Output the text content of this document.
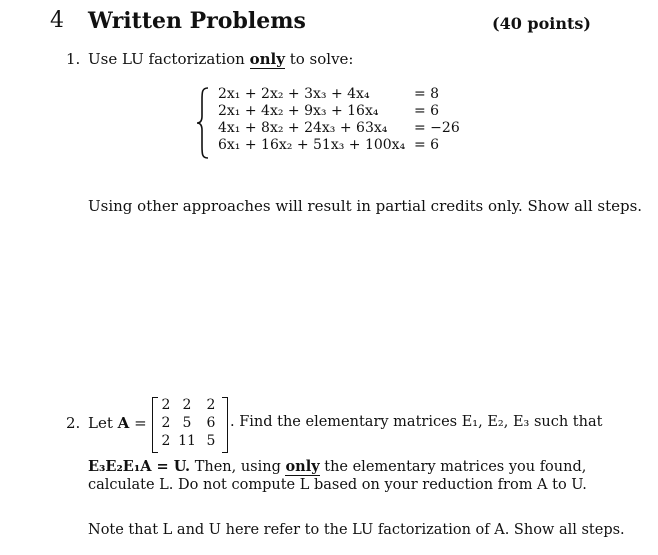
4 Written Problems	(40 points)
1. Use LU factorization only to solve:
2x₁ + 2x₂ + 3x₃ + 4x₄	= 8
2x₁ + 4x₂ + 9x₃ + 16x₄	= 6
4x₁ + 8x₂ + 24x₃ + 63x₄ = −26
6x₁ + 16x₂ + 51x₃ + 100x₄ = 6
Using other approaches will result in partial credits only. Show all steps.
2. Let A =
2 2	2
2 5	6
2 11 5
. Find the elementary matrices E₁, E₂, E₃ such that
E₃E₂E₁A = U. Then, using only the elementary matrices you found,
calculate L. Do not compute L based on your reduction from A to U.
Note that L and U here refer to the LU factorization of A. Show all steps.
